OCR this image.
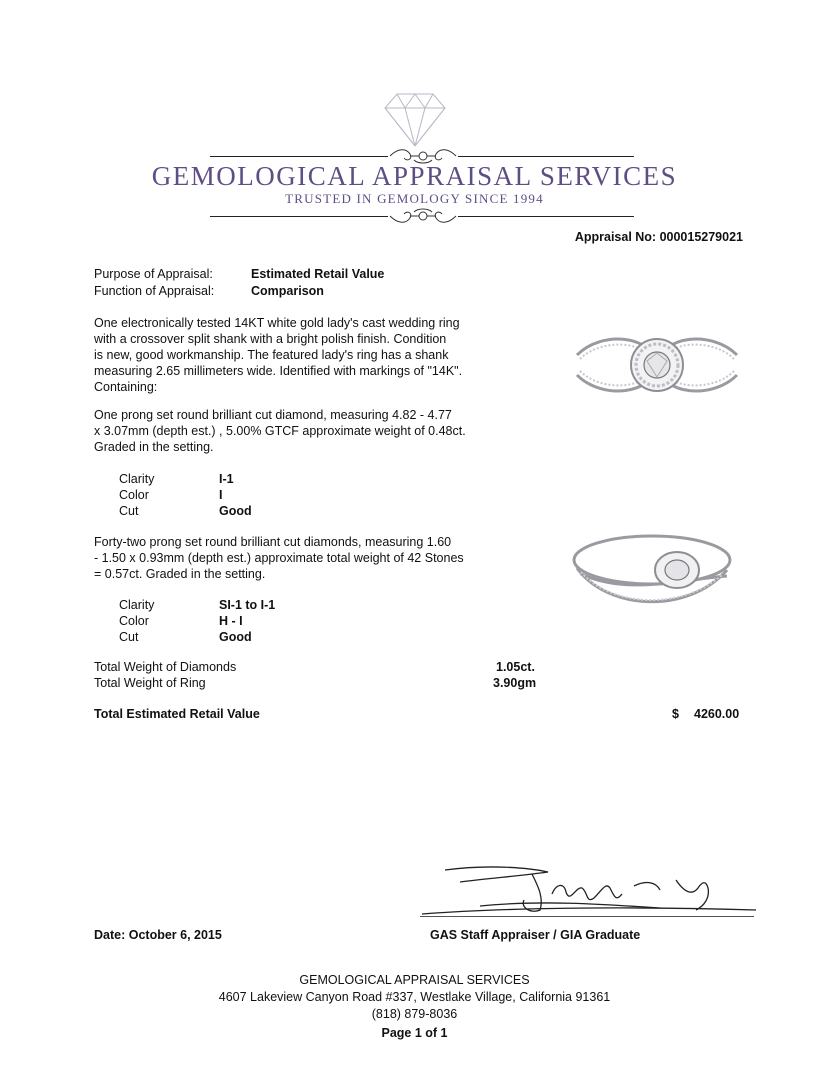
GEMOLOGICAL APPRAISAL SERVICES
TRUSTED IN GEMOLOGY SINCE 1994
Appraisal No: 000015279021
Purpose of Appraisal:	Estimated Retail Value
Function of Appraisal:	Comparison
One electronically tested 14KT white gold lady's cast wedding ring
with a crossover split shank with a bright polish finish. Condition
is new, good workmanship. The featured lady's ring has a shank
measuring 2.65 millimeters wide. Identified with markings of "14K".
Containing:
One prong set round brilliant cut diamond, measuring 4.82 - 4.77
x 3.07mm (depth est.) , 5.00% GTCF approximate weight of 0.48ct.
Graded in the setting.
Clarity	I-1
Color	I
Cut	Good
Forty-two prong set round brilliant cut diamonds, measuring 1.60
- 1.50 x 0.93mm (depth est.) approximate total weight of 42 Stones
= 0.57ct. Graded in the setting.
Clarity	SI-1 to I-1
Color	H - I
Cut	Good
Total Weight of Diamonds	1.05ct.
Total Weight of Ring	3.90gm
Total Estimated Retail Value	$ 4260.00
Date: October 6, 2015	GAS Staff Appraiser / GIA Graduate
GEMOLOGICAL APPRAISAL SERVICES
4607 Lakeview Canyon Road #337, Westlake Village, California 91361
(818) 879-8036
Page 1 of 1
